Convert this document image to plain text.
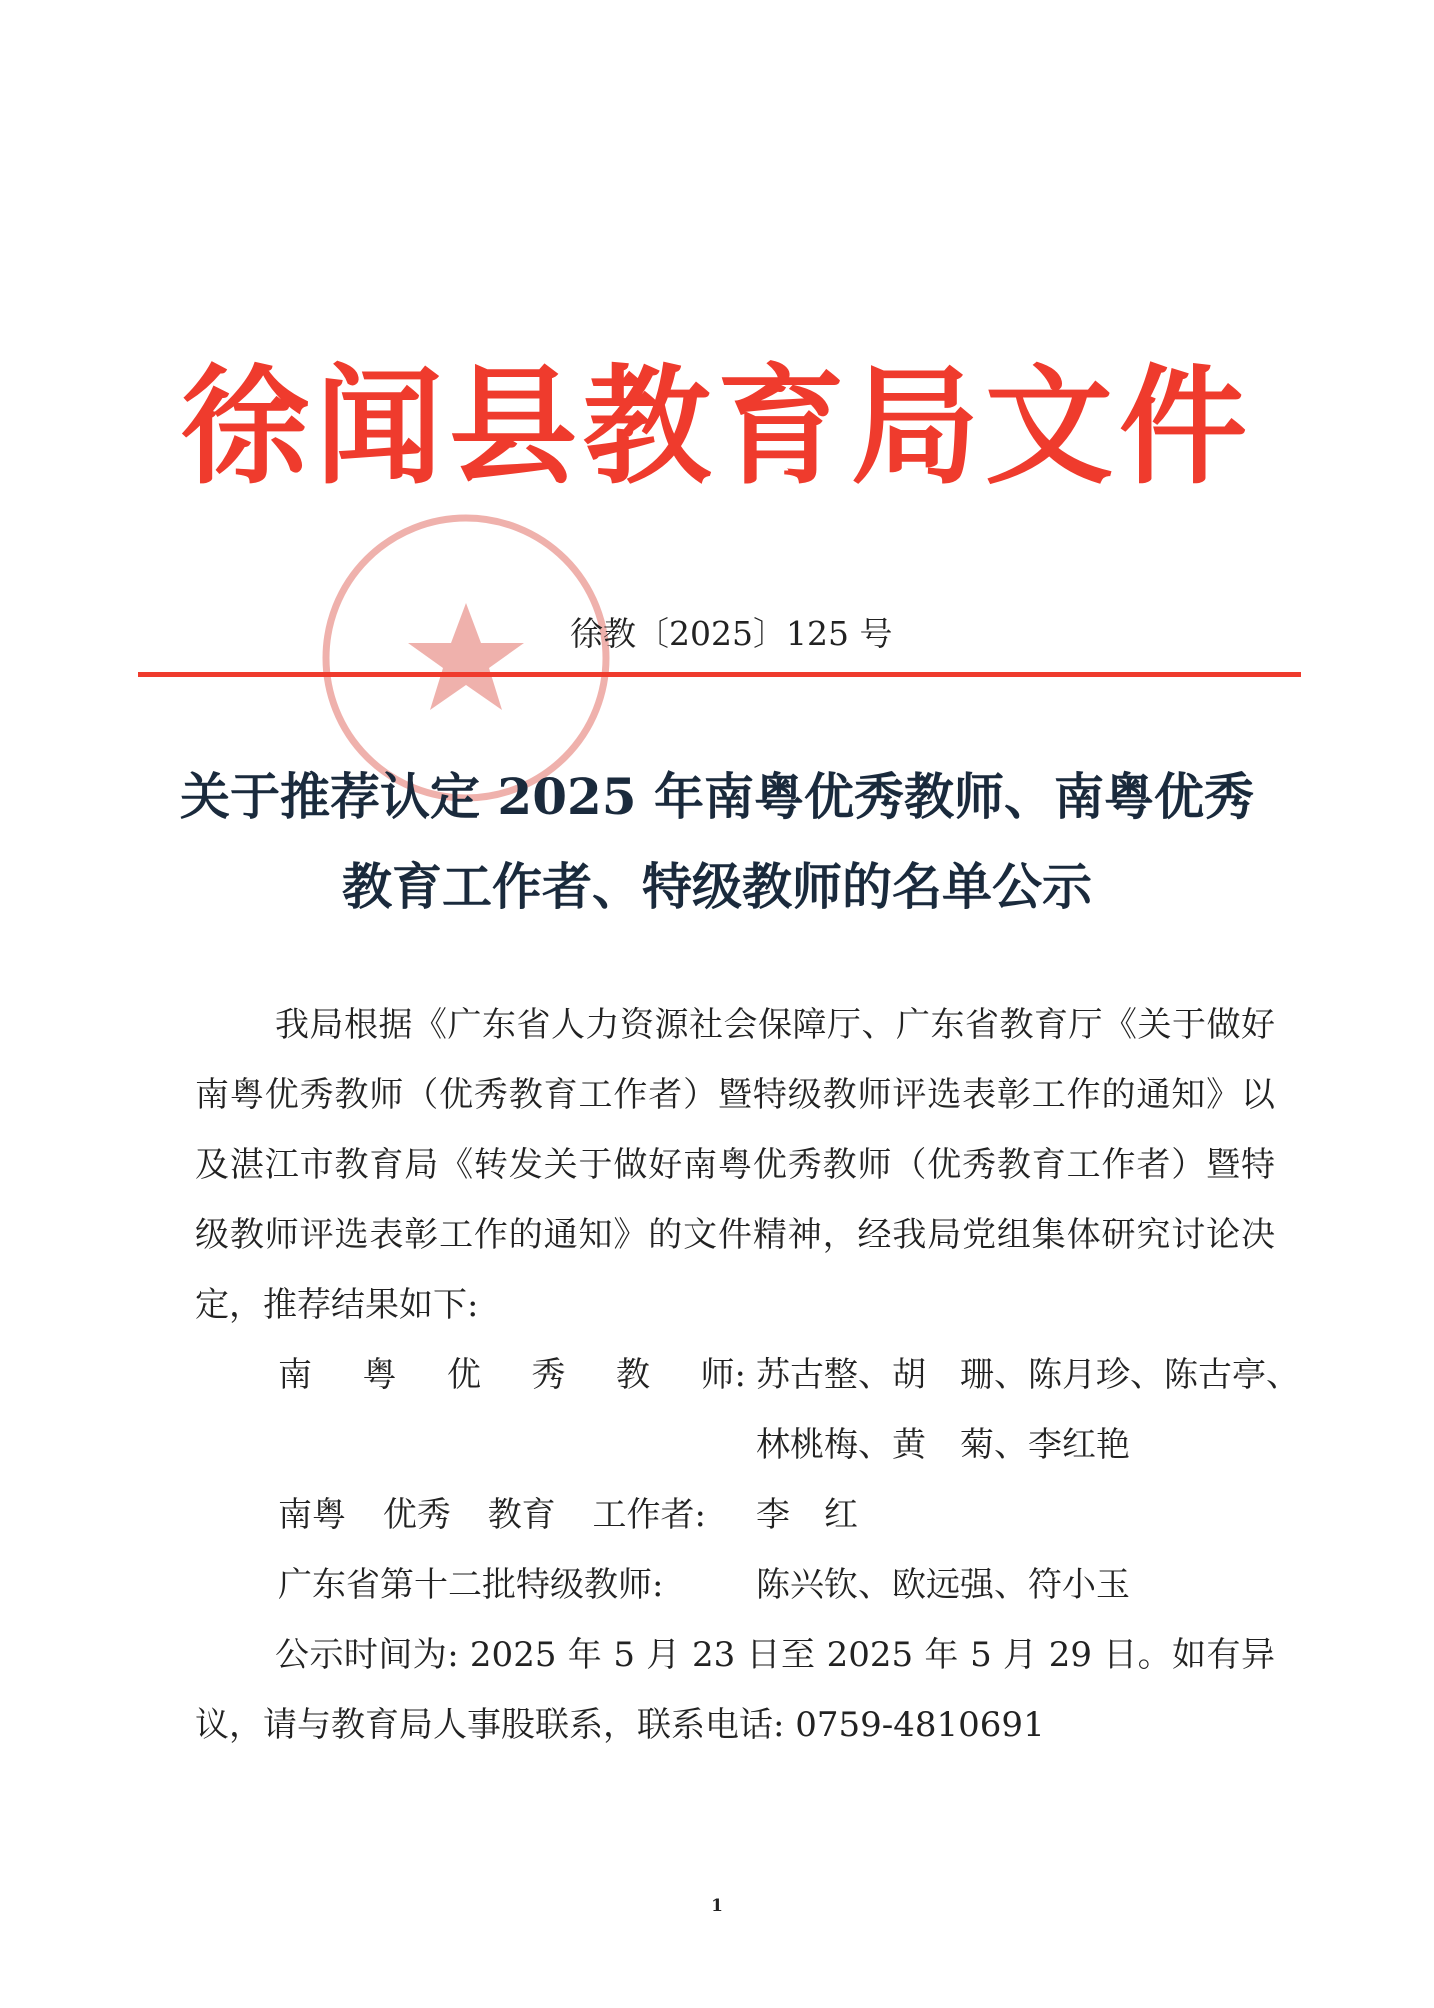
徐闻县教育局文件
徐教〔2025〕125 号
关于推荐认定 2025 年南粤优秀教师、南粤优秀
教育工作者、特级教师的名单公示

我局根据《广东省人力资源社会保障厅、广东省教育厅《关于做好南粤优秀教师（优秀教育工作者）暨特级教师评选表彰工作的通知》以及湛江市教育局《转发关于做好南粤优秀教师（优秀教育工作者）暨特级教师评选表彰工作的通知》的文件精神，经我局党组集体研究讨论决定，推荐结果如下:

南 粤 优 秀 教 师: 苏古整、胡　珊、陈月珍、陈古亭、林桃梅、黄　菊、李红艳
南粤 优秀 教育 工作者: 李　红
广东省第十二批特级教师:	陈兴钦、欧远强、符小玉

公示时间为: 2025 年 5 月 23 日至 2025 年 5 月 29 日。如有异议，请与教育局人事股联系，联系电话: 0759-4810691

1
